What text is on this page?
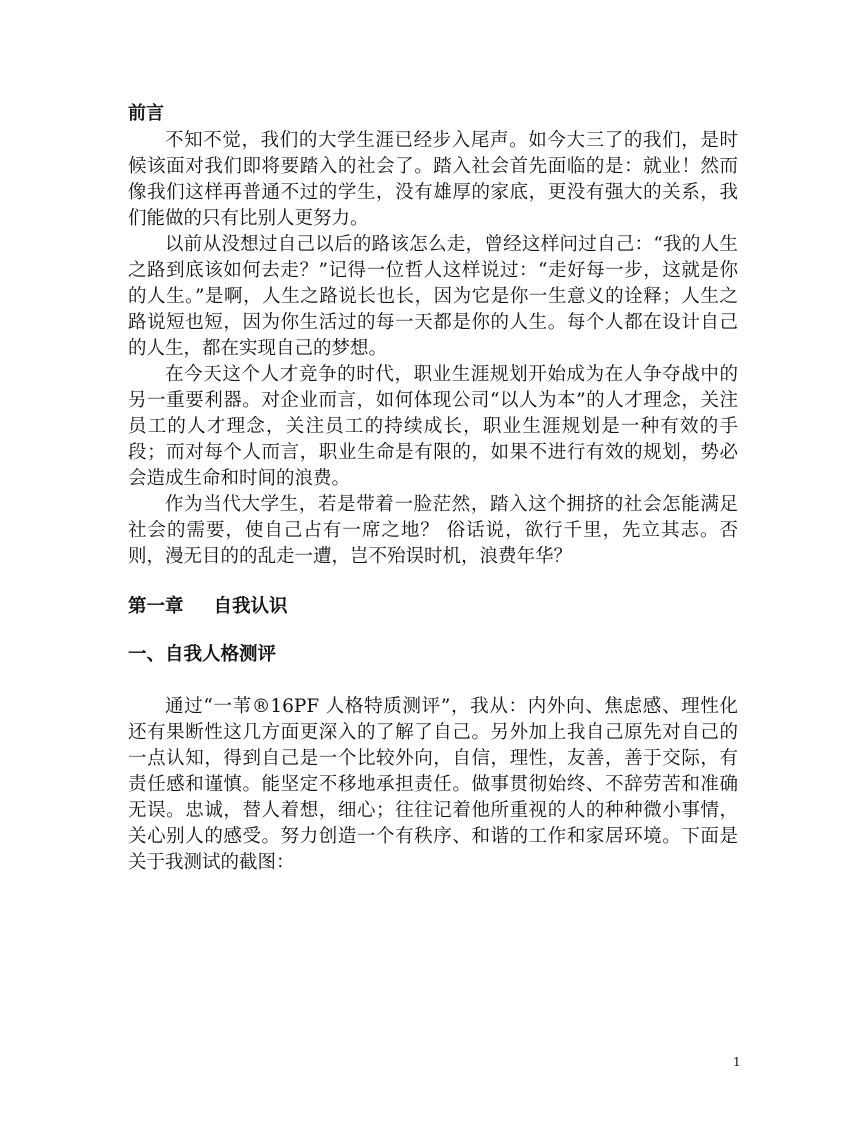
前言

不知不觉，我们的大学生涯已经步入尾声。如今大三了的我们，是时候该面对我们即将要踏入的社会了。踏入社会首先面临的是：就业！然而像我们这样再普通不过的学生，没有雄厚的家底，更没有强大的关系，我们能做的只有比别人更努力。

以前从没想过自己以后的路该怎么走，曾经这样问过自己：“我的人生之路到底该如何去走？”记得一位哲人这样说过：“走好每一步，这就是你的人生。”是啊，人生之路说长也长，因为它是你一生意义的诠释；人生之路说短也短，因为你生活过的每一天都是你的人生。每个人都在设计自己的人生，都在实现自己的梦想。

在今天这个人才竞争的时代，职业生涯规划开始成为在人争夺战中的另一重要利器。对企业而言，如何体现公司“以人为本”的人才理念，关注员工的人才理念，关注员工的持续成长，职业生涯规划是一种有效的手段；而对每个人而言，职业生命是有限的，如果不进行有效的规划，势必会造成生命和时间的浪费。

作为当代大学生，若是带着一脸茫然，踏入这个拥挤的社会怎能满足社会的需要，使自己占有一席之地？ 俗话说，欲行千里，先立其志。否则，漫无目的的乱走一遭，岂不殆误时机，浪费年华？

第一章 自我认识
一、自我人格测评

通过“一苇®16PF 人格特质测评”，我从：内外向、焦虑感、理性化还有果断性这几方面更深入的了解了自己。另外加上我自己原先对自己的一点认知，得到自己是一个比较外向，自信，理性，友善，善于交际，有责任感和谨慎。能坚定不移地承担责任。做事贯彻始终、不辞劳苦和准确无误。忠诚，替人着想，细心；往往记着他所重视的人的种种微小事情，关心别人的感受。努力创造一个有秩序、和谐的工作和家居环境。下面是关于我测试的截图：

1
